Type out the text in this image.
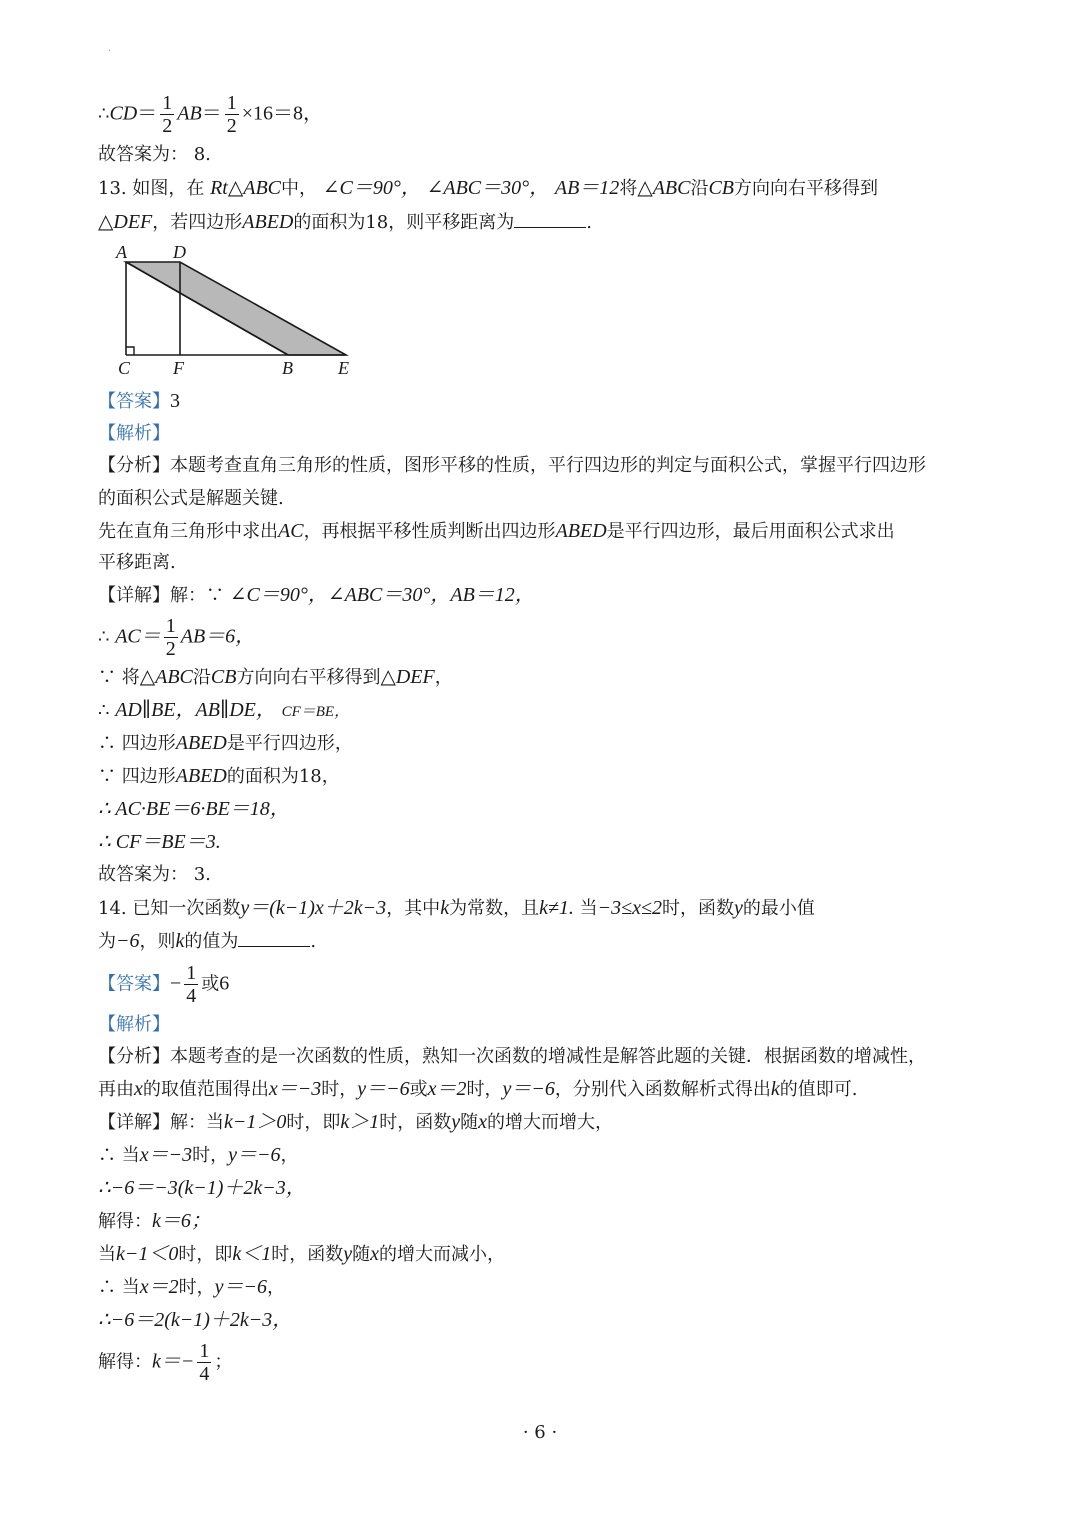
·
∴CD＝ $\frac{1}{2} AB= \frac{1}{2} \times 16=8$，
故答案为： 8.
13. 如图，在 Rt△ABC中， ∠C＝90°， ∠ABC＝30°， AB＝12将△ABC沿CB方向向右平移得到
△DEF，若四边形ABED的面积为18，则平移距离为	.
A	D
C F	B	E
【答案】3
【解析】
【分析】本题考查直角三角形的性质，图形平移的性质，平行四边形的判定与面积公式，掌握平行四边形
的面积公式是解题关键.
先在直角三角形中求出AC，再根据平移性质判断出四边形ABED是平行四边形，最后用面积公式求出
平移距离.
【详解】解：∵ ∠C＝90°，∠ABC＝30°，AB＝12，
∴ $AC= \frac{1}{2} AB=6$，
∵ 将△ABC沿CB方向向右平移得到△DEF，
∴ AD∥BE，AB∥DE， CF＝BE，
∴ 四边形ABED是平行四边形，
∵ 四边形ABED的面积为18，
∴ AC·BE＝6·BE＝18，
∴ CF＝BE＝3.
故答案为： 3.
14. 已知一次函数y＝(k−1)x＋2k−3，其中k为常数，且k≠1. 当−3≤x≤2时，函数y的最小值
为−6，则k的值为	.
【答案】− $\frac{1}{4}$ 或6
【解析】
【分析】本题考查的是一次函数的性质，熟知一次函数的增减性是解答此题的关键．根据函数的增减性，
再由x的取值范围得出x＝−3时，y＝−6或x＝2时，y＝−6，分别代入函数解析式得出k的值即可.
【详解】解：当k−1＞0时，即k＞1时，函数y随x的增大而增大，
∴ 当x＝−3时，y＝−6，
∴−6＝−3(k−1)＋2k−3，
解得：k＝6；
当k−1＜0时，即k＜1时，函数y随x的增大而减小，
∴ 当x＝2时，y＝−6，
∴−6＝2(k−1)＋2k−3，
解得：$k=- \frac{1}{4}$ ；
· 6 ·
